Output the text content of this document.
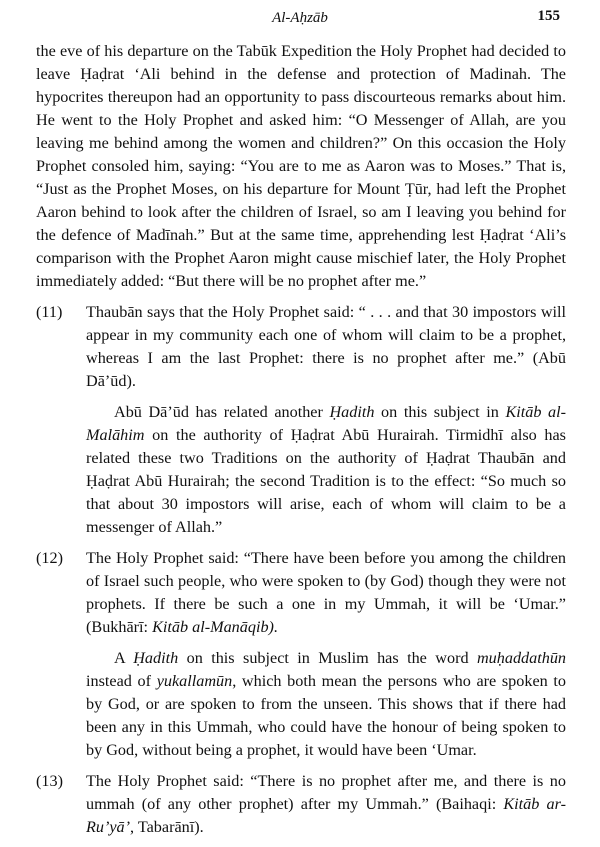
Al-Aḥzāb	155

the eve of his departure on the Tabūk Expedition the Holy Prophet had decided to leave Ḥaḍrat ‘Ali behind in the defense and protection of Madinah. The hypocrites thereupon had an opportunity to pass discourteous remarks about him. He went to the Holy Prophet and asked him: “O Messenger of Allah, are you leaving me behind among the women and children?” On this occasion the Holy Prophet consoled him, saying: “You are to me as Aaron was to Moses.” That is, “Just as the Prophet Moses, on his departure for Mount Ṭūr, had left the Prophet Aaron behind to look after the children of Israel, so am I leaving you behind for the defence of Madīnah.” But at the same time, apprehending lest Ḥaḍrat ‘Ali’s comparison with the Prophet Aaron might cause mischief later, the Holy Prophet immediately added: “But there will be no prophet after me.”

(11)	Thaubān says that the Holy Prophet said: “ . . . and that 30 impostors will appear in my community each one of whom will claim to be a prophet, whereas I am the last Prophet: there is no prophet after me.” (Abū Dā’ūd).

Abū Dā’ūd has related another Ḥadith on this subject in Kitāb al-Malāhim on the authority of Ḥaḍrat Abū Hurairah. Tirmidhī also has related these two Traditions on the authority of Ḥaḍrat Thaubān and Ḥaḍrat Abū Hurairah; the second Tradition is to the effect: “So much so that about 30 impostors will arise, each of whom will claim to be a messenger of Allah.”

(12)	The Holy Prophet said: “There have been before you among the children of Israel such people, who were spoken to (by God) though they were not prophets. If there be such a one in my Ummah, it will be ‘Umar.” (Bukhārī: Kitāb al-Manāqib).

A Ḥadith on this subject in Muslim has the word muḥaddathūn instead of yukallamūn, which both mean the persons who are spoken to by God, or are spoken to from the unseen. This shows that if there had been any in this Ummah, who could have the honour of being spoken to by God, without being a prophet, it would have been ‘Umar.

(13)	The Holy Prophet said: “There is no prophet after me, and there is no ummah (of any other prophet) after my Ummah.” (Baihaqi: Kitāb ar-Ru’yā’, Tabarānī).
